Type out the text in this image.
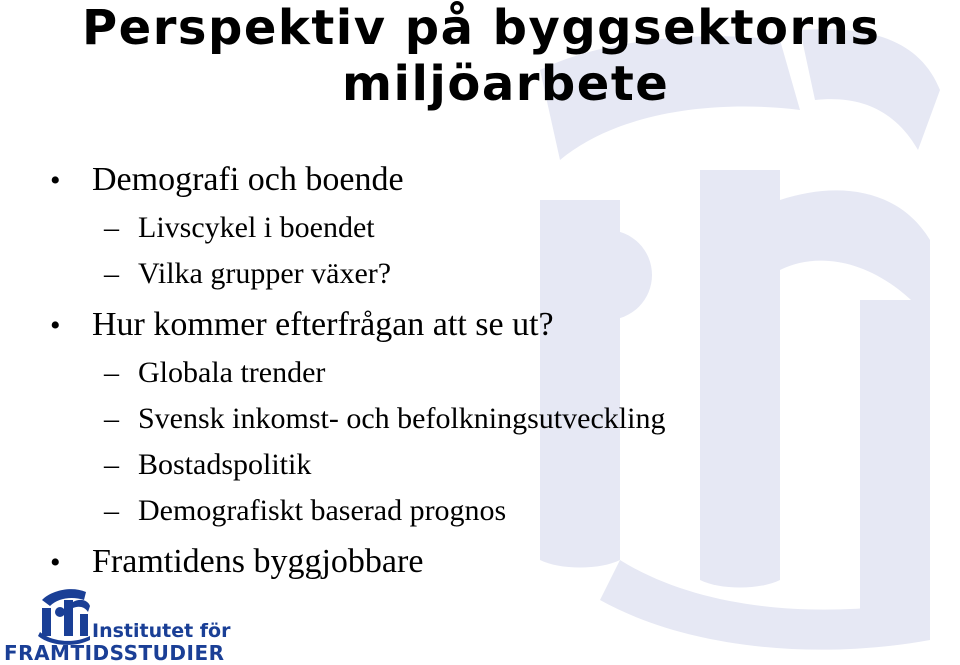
Perspektiv på byggsektorns
miljöarbete
• Demografi och boende
– Livscykel i boendet
– Vilka grupper växer?
• Hur kommer efterfrågan att se ut?
– Globala trender
– Svensk inkomst- och befolkningsutveckling
– Bostadspolitik
– Demografiskt baserad prognos
• Framtidens byggjobbare
Institutet för
FRAMTIDSSTUDIER
